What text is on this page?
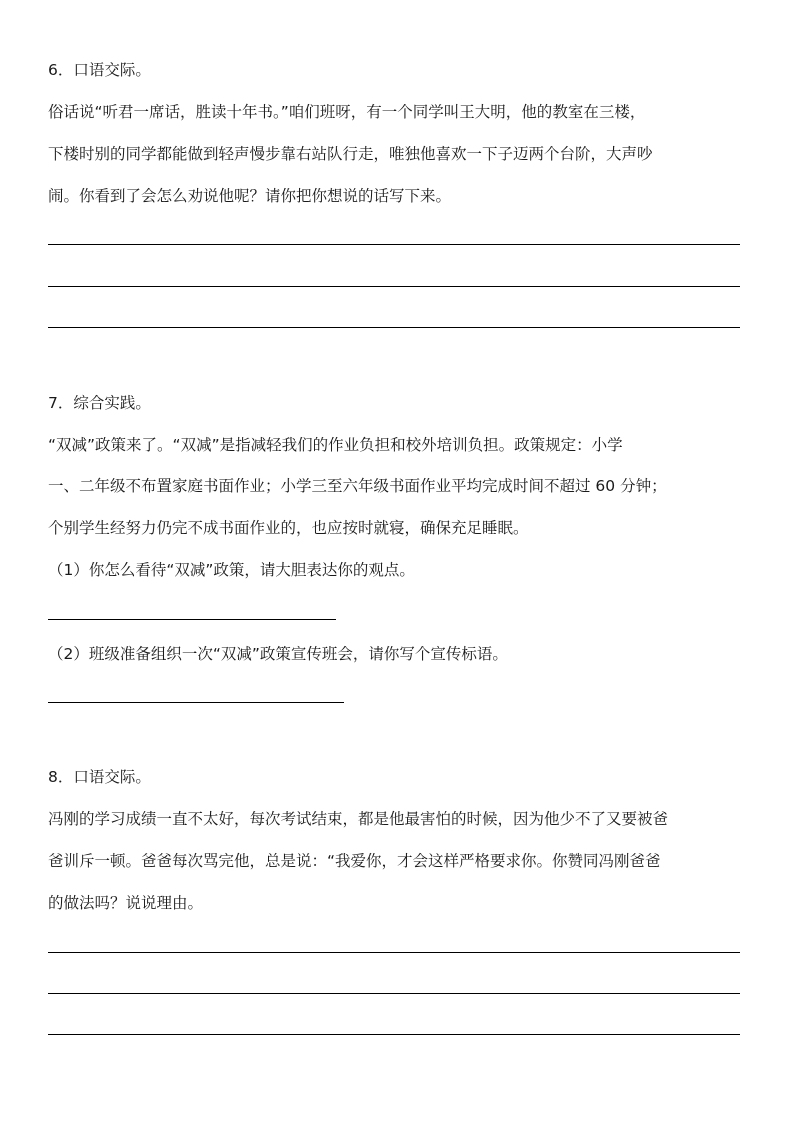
6．口语交际。

俗话说“听君一席话，胜读十年书。”咱们班呀，有一个同学叫王大明，他的教室在三楼，

下楼时别的同学都能做到轻声慢步靠右站队行走，唯独他喜欢一下子迈两个台阶，大声吵

闹。你看到了会怎么劝说他呢？请你把你想说的话写下来。

7．综合实践。

“双减”政策来了。“双减”是指减轻我们的作业负担和校外培训负担。政策规定：小学

一、二年级不布置家庭书面作业；小学三至六年级书面作业平均完成时间不超过 60 分钟；

个别学生经努力仍完不成书面作业的，也应按时就寝，确保充足睡眠。

（1）你怎么看待“双减”政策，请大胆表达你的观点。

（2）班级准备组织一次“双减”政策宣传班会，请你写个宣传标语。

8．口语交际。

冯刚的学习成绩一直不太好，每次考试结束，都是他最害怕的时候，因为他少不了又要被爸

爸训斥一顿。爸爸每次骂完他，总是说：“我爱你，才会这样严格要求你。你赞同冯刚爸爸

的做法吗？说说理由。
